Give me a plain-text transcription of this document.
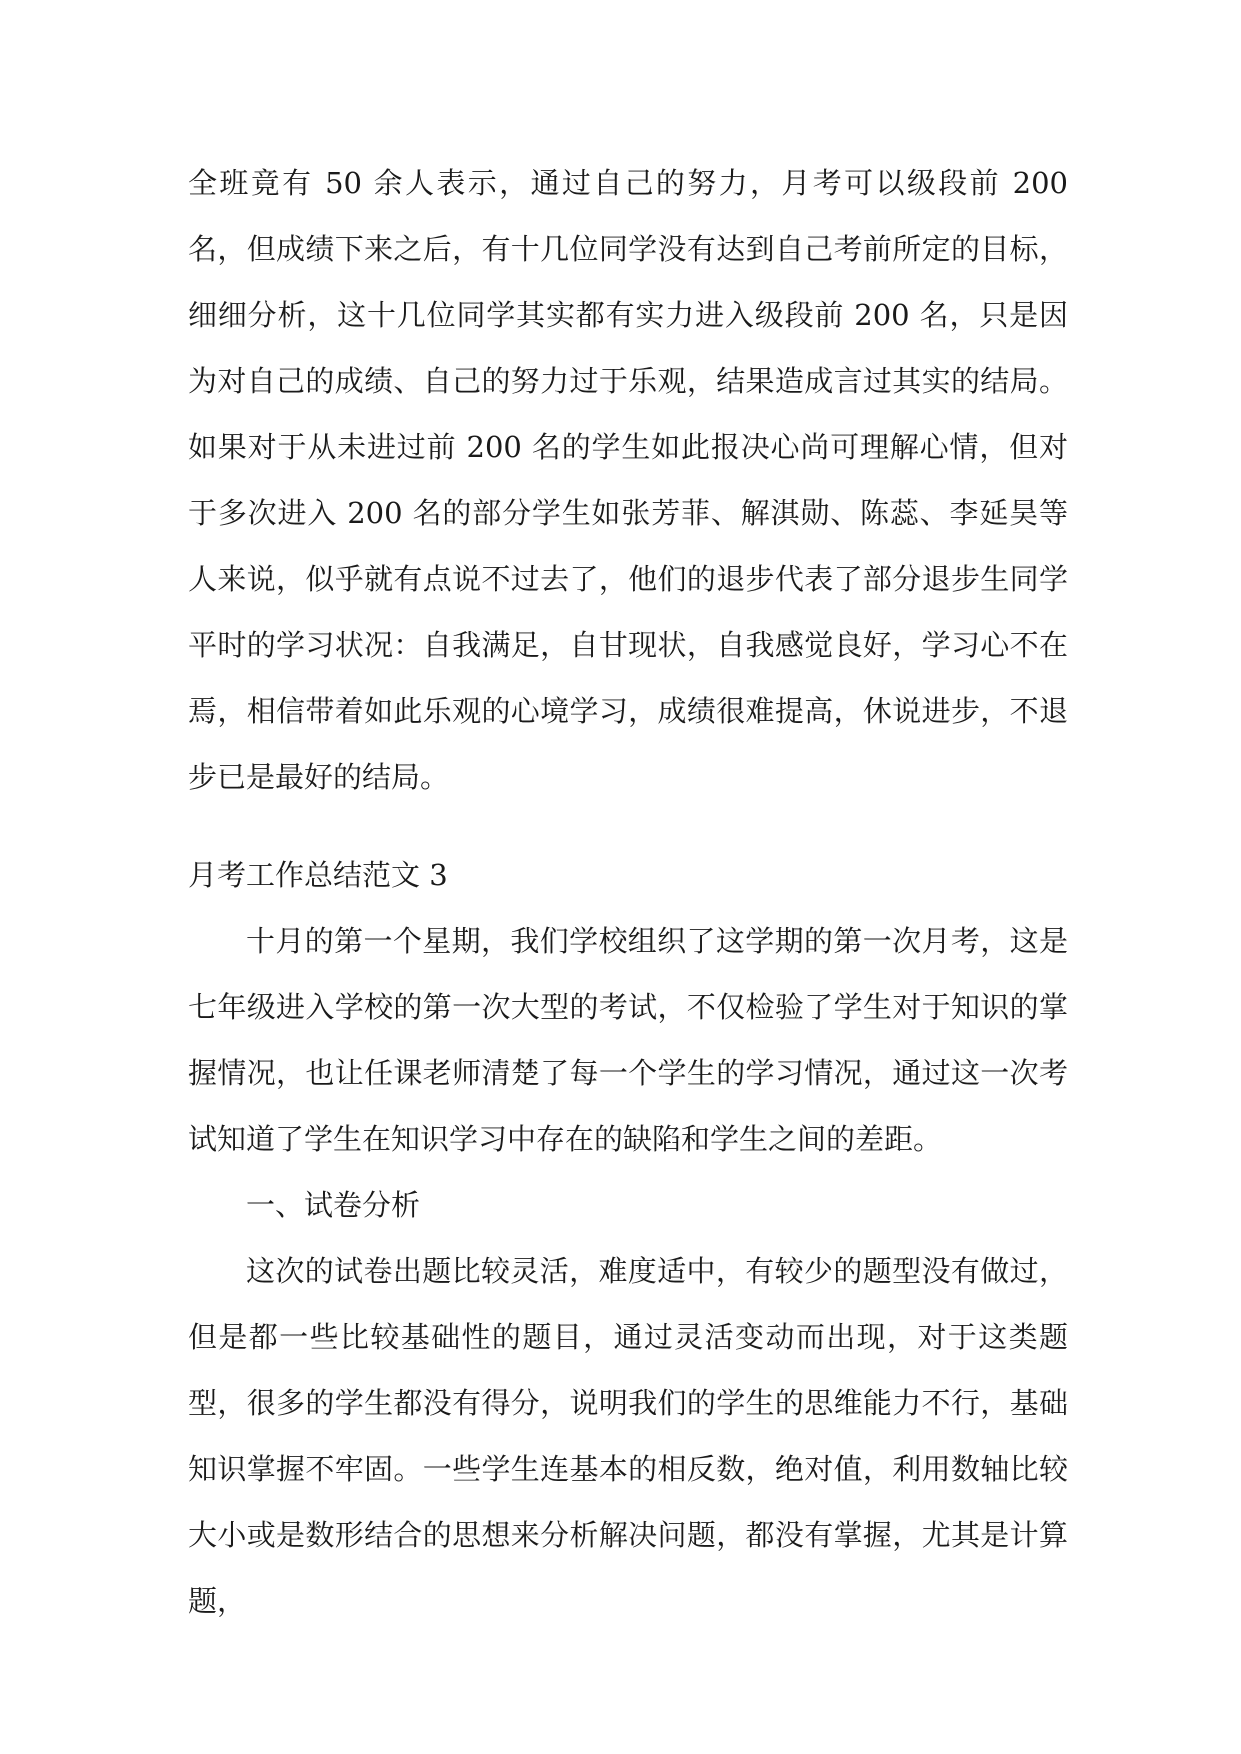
全班竟有 50 余人表示，通过自己的努力，月考可以级段前 200 名，但成绩下来之后，有十几位同学没有达到自己考前所定的目标，细细分析，这十几位同学其实都有实力进入级段前 200 名，只是因为对自己的成绩、自己的努力过于乐观，结果造成言过其实的结局。如果对于从未进过前 200 名的学生如此报决心尚可理解心情，但对于多次进入 200 名的部分学生如张芳菲、解淇勋、陈蕊、李延昊等人来说，似乎就有点说不过去了，他们的退步代表了部分退步生同学平时的学习状况：自我满足，自甘现状，自我感觉良好，学习心不在焉，相信带着如此乐观的心境学习，成绩很难提高，休说进步，不退步已是最好的结局。

月考工作总结范文 3

十月的第一个星期，我们学校组织了这学期的第一次月考，这是七年级进入学校的第一次大型的考试，不仅检验了学生对于知识的掌握情况，也让任课老师清楚了每一个学生的学习情况，通过这一次考试知道了学生在知识学习中存在的缺陷和学生之间的差距。

一、试卷分析

这次的试卷出题比较灵活，难度适中，有较少的题型没有做过，但是都一些比较基础性的题目，通过灵活变动而出现，对于这类题型，很多的学生都没有得分，说明我们的学生的思维能力不行，基础知识掌握不牢固。一些学生连基本的相反数，绝对值，利用数轴比较大小或是数形结合的思想来分析解决问题，都没有掌握，尤其是计算题，
